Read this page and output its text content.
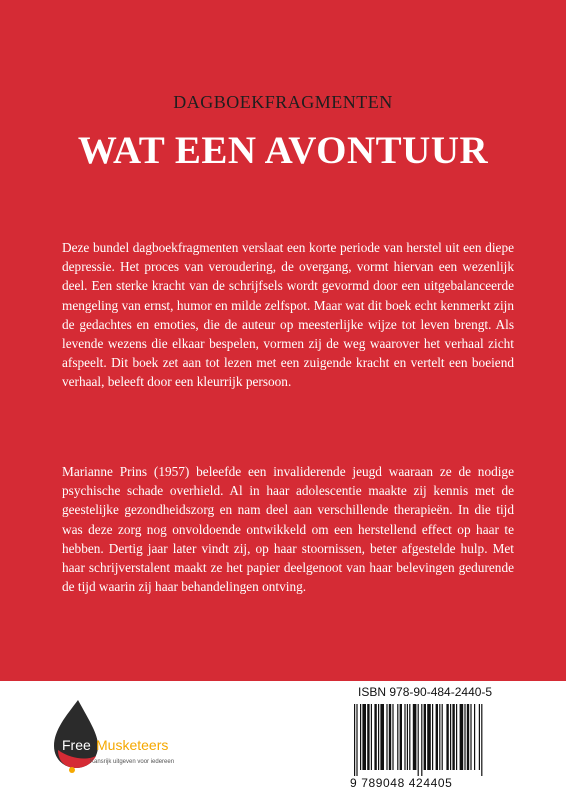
DAGBOEKFRAGMENTEN
WAT EEN AVONTUUR
Deze bundel dagboekfragmenten verslaat een korte periode van herstel uit een diepe depressie. Het proces van veroudering, de overgang, vormt hiervan een wezenlijk deel. Een sterke kracht van de schrijfsels wordt gevormd door een uitgebalanceerde mengeling van ernst, humor en milde zelfspot. Maar wat dit boek echt kenmerkt zijn de gedachtes en emoties, die de auteur op meesterlijke wijze tot leven brengt. Als levende wezens die elkaar bespelen, vormen zij de weg waarover het verhaal zicht afspeelt. Dit boek zet aan tot lezen met een zuigende kracht en vertelt een boeiend verhaal, beleeft door een kleurrijk persoon.
Marianne Prins (1957) beleefde een invaliderende jeugd waaraan ze de nodige psychische schade overhield. Al in haar adolescentie maakte zij kennis met de geestelijke gezondheidszorg en nam deel aan verschillende therapieën. In die tijd was deze zorg nog onvoldoende ontwikkeld om een herstellend effect op haar te hebben. Dertig jaar later vindt zij, op haar stoornissen, beter afgestelde hulp. Met haar schrijverstalent maakt ze het papier deelgenoot van haar belevingen gedurende de tijd waarin zij haar behandelingen ontving.
Free Musketeers
Kansrijk uitgeven voor iedereen
ISBN 978-90-484-2440-5
9 789048 424405
